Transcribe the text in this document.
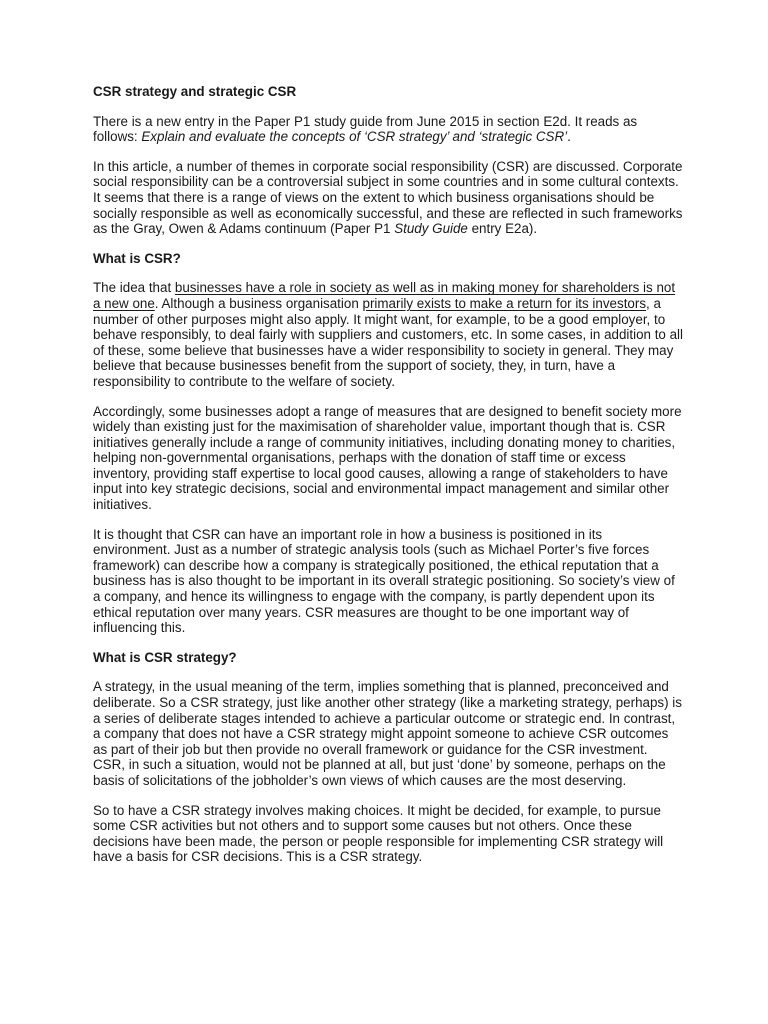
CSR strategy and strategic CSR

There is a new entry in the Paper P1 study guide from June 2015 in section E2d. It reads as follows: Explain and evaluate the concepts of ‘CSR strategy’ and ‘strategic CSR’.

In this article, a number of themes in corporate social responsibility (CSR) are discussed. Corporate social responsibility can be a controversial subject in some countries and in some cultural contexts. It seems that there is a range of views on the extent to which business organisations should be socially responsible as well as economically successful, and these are reflected in such frameworks as the Gray, Owen & Adams continuum (Paper P1 Study Guide entry E2a).

What is CSR?

The idea that businesses have a role in society as well as in making money for shareholders is not a new one. Although a business organisation primarily exists to make a return for its investors, a number of other purposes might also apply. It might want, for example, to be a good employer, to behave responsibly, to deal fairly with suppliers and customers, etc. In some cases, in addition to all of these, some believe that businesses have a wider responsibility to society in general. They may believe that because businesses benefit from the support of society, they, in turn, have a responsibility to contribute to the welfare of society.

Accordingly, some businesses adopt a range of measures that are designed to benefit society more widely than existing just for the maximisation of shareholder value, important though that is. CSR initiatives generally include a range of community initiatives, including donating money to charities, helping non-governmental organisations, perhaps with the donation of staff time or excess inventory, providing staff expertise to local good causes, allowing a range of stakeholders to have input into key strategic decisions, social and environmental impact management and similar other initiatives.

It is thought that CSR can have an important role in how a business is positioned in its environment. Just as a number of strategic analysis tools (such as Michael Porter’s five forces framework) can describe how a company is strategically positioned, the ethical reputation that a business has is also thought to be important in its overall strategic positioning. So society’s view of a company, and hence its willingness to engage with the company, is partly dependent upon its ethical reputation over many years. CSR measures are thought to be one important way of influencing this.

What is CSR strategy?

A strategy, in the usual meaning of the term, implies something that is planned, preconceived and deliberate. So a CSR strategy, just like another other strategy (like a marketing strategy, perhaps) is a series of deliberate stages intended to achieve a particular outcome or strategic end. In contrast, a company that does not have a CSR strategy might appoint someone to achieve CSR outcomes as part of their job but then provide no overall framework or guidance for the CSR investment. CSR, in such a situation, would not be planned at all, but just ‘done’ by someone, perhaps on the basis of solicitations of the jobholder’s own views of which causes are the most deserving.

So to have a CSR strategy involves making choices. It might be decided, for example, to pursue some CSR activities but not others and to support some causes but not others. Once these decisions have been made, the person or people responsible for implementing CSR strategy will have a basis for CSR decisions. This is a CSR strategy.
